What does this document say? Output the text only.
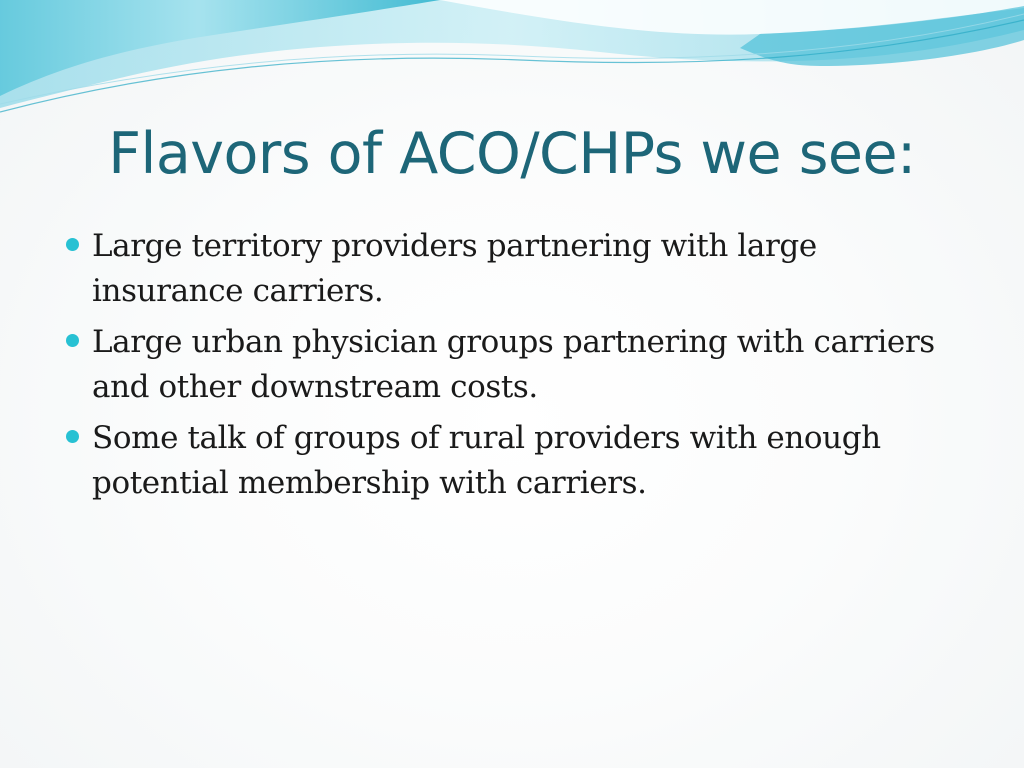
Flavors of ACO/CHPs we see:
Large territory providers partnering with large insurance carriers.
Large urban physician groups partnering with carriers and other downstream costs.
Some talk of groups of rural providers with enough potential membership with carriers.
